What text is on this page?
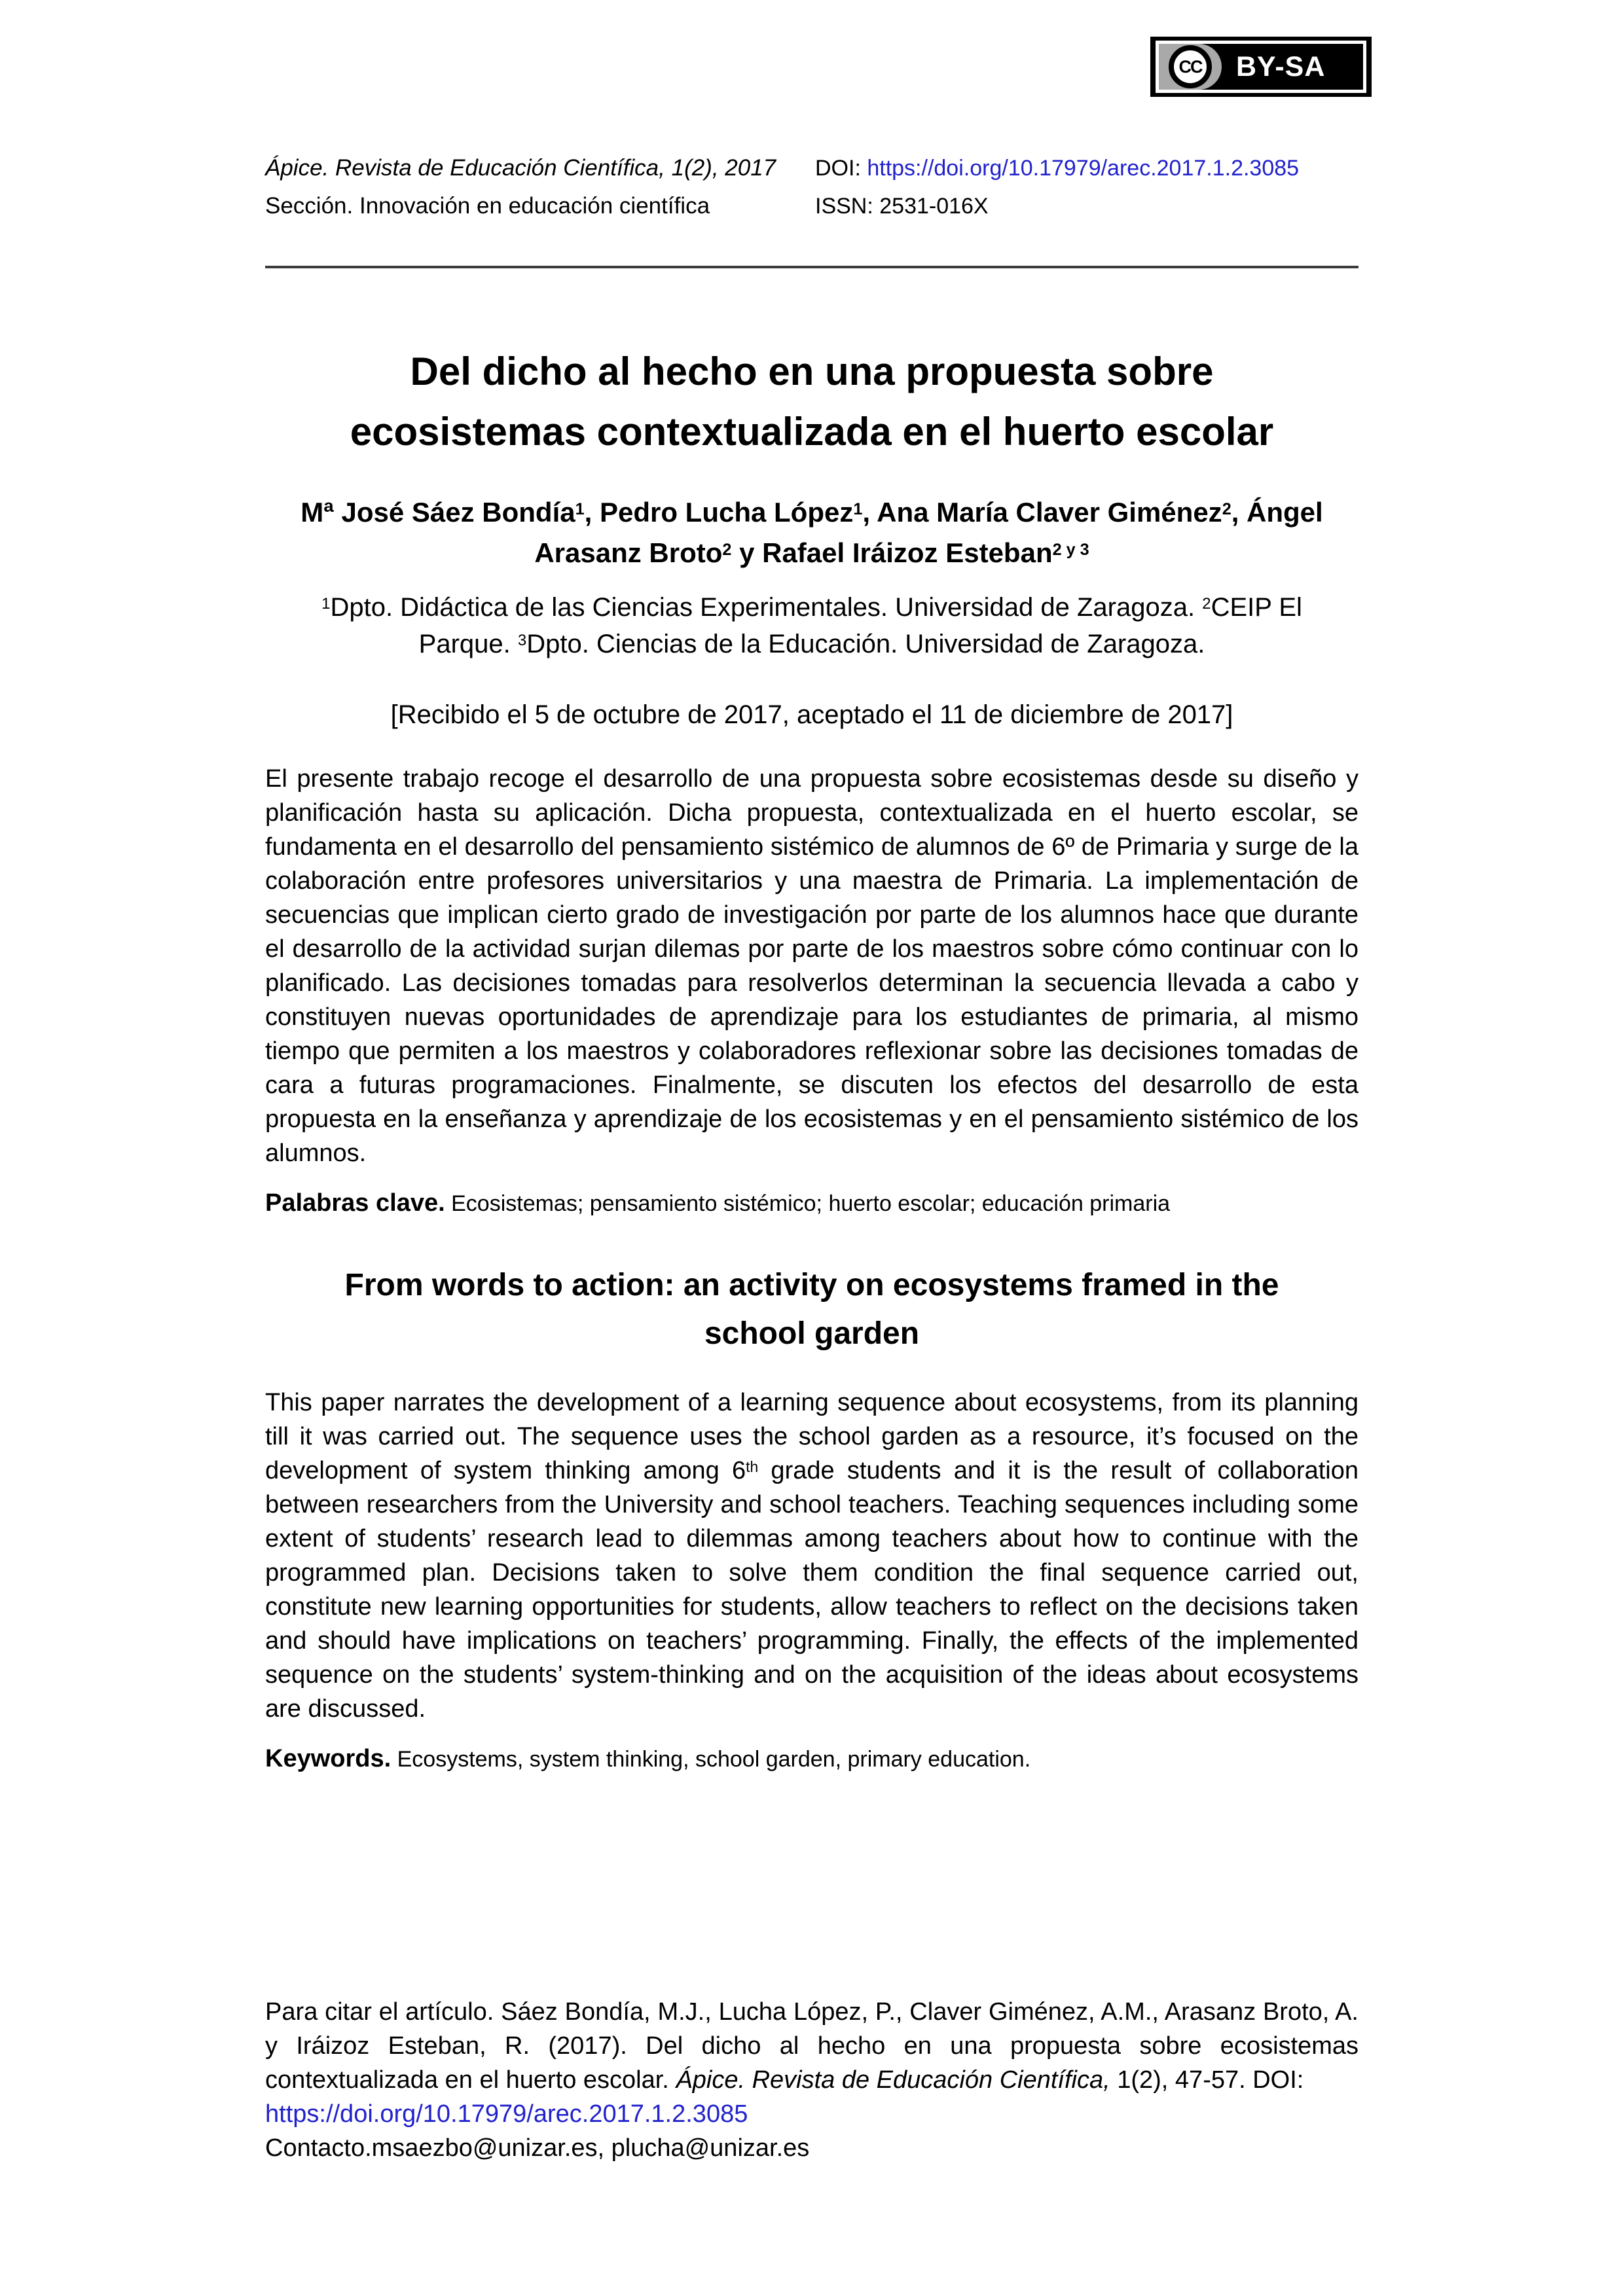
Ápice. Revista de Educación Científica, 1(2), 2017
Sección. Innovación en educación científica
DOI: https://doi.org/10.17979/arec.2017.1.2.3085
ISSN: 2531-016X
CC	BY-SA
Del dicho al hecho en una propuesta sobre
ecosistemas contextualizada en el huerto escolar
Mª José Sáez Bondía$^1$, Pedro Lucha López$^1$, Ana María Claver Giménez$^2$, Ángel
Arasanz Broto$^2$ y Rafael Iráizoz Esteban$^{2 y 3}$
$^1$Dpto. Didáctica de las Ciencias Experimentales. Universidad de Zaragoza. $^2$CEIP El
Parque. $^3$Dpto. Ciencias de la Educación. Universidad de Zaragoza.
[Recibido el 5 de octubre de 2017, aceptado el 11 de diciembre de 2017]
El presente trabajo recoge el desarrollo de una propuesta sobre ecosistemas desde su diseño y planificación hasta su aplicación. Dicha propuesta, contextualizada en el huerto escolar, se fundamenta en el desarrollo del pensamiento sistémico de alumnos de 6º de Primaria y surge de la colaboración entre profesores universitarios y una maestra de Primaria. La implementación de secuencias que implican cierto grado de investigación por parte de los alumnos hace que durante el desarrollo de la actividad surjan dilemas por parte de los maestros sobre cómo continuar con lo planificado. Las decisiones tomadas para resolverlos determinan la secuencia llevada a cabo y constituyen nuevas oportunidades de aprendizaje para los estudiantes de primaria, al mismo tiempo que permiten a los maestros y colaboradores reflexionar sobre las decisiones tomadas de cara a futuras programaciones. Finalmente, se discuten los efectos del desarrollo de esta propuesta en la enseñanza y aprendizaje de los ecosistemas y en el pensamiento sistémico de los alumnos.
Palabras clave. Ecosistemas; pensamiento sistémico; huerto escolar; educación primaria
From words to action: an activity on ecosystems framed in the
school garden
This paper narrates the development of a learning sequence about ecosystems, from its planning till it was carried out. The sequence uses the school garden as a resource, it’s focused on the development of system thinking among 6th grade students and it is the result of collaboration between researchers from the University and school teachers. Teaching sequences including some extent of students’ research lead to dilemmas among teachers about how to continue with the programmed plan. Decisions taken to solve them condition the final sequence carried out, constitute new learning opportunities for students, allow teachers to reflect on the decisions taken and should have implications on teachers’ programming. Finally, the effects of the implemented sequence on the students’ system-thinking and on the acquisition of the ideas about ecosystems are discussed.
Keywords. Ecosystems, system thinking, school garden, primary education.
Para citar el artículo. Sáez Bondía, M.J., Lucha López, P., Claver Giménez, A.M., Arasanz Broto, A. y Iráizoz Esteban, R. (2017). Del dicho al hecho en una propuesta sobre ecosistemas contextualizada en el huerto escolar. Ápice. Revista de Educación Científica, 1(2), 47-57. DOI:
https://doi.org/10.17979/arec.2017.1.2.3085
Contacto.msaezbo@unizar.es, plucha@unizar.es
